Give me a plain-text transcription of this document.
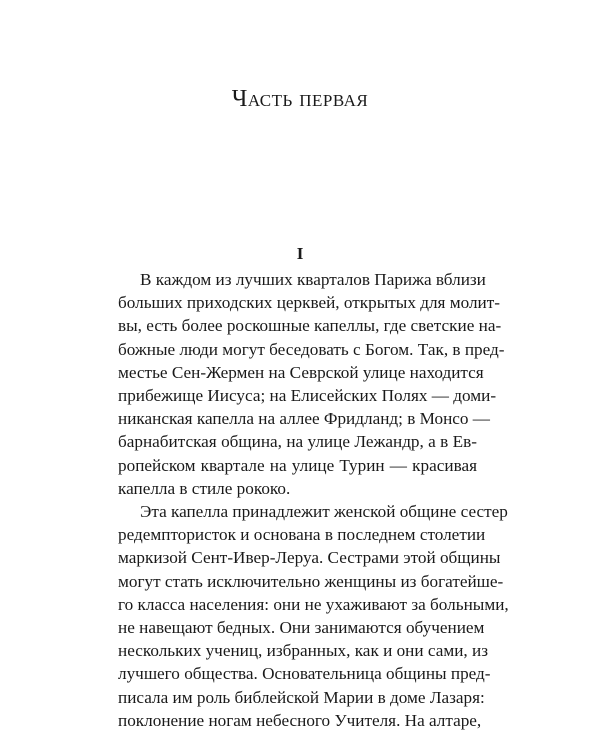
Часть первая
I

В каждом из лучших кварталов Парижа вблизи
больших приходских церквей, открытых для молит-
вы, есть более роскошные капеллы, где светские на-
божные люди могут беседовать с Богом. Так, в пред-
местье Сен-Жермен на Севрской улице находится
прибежище Иисуса; на Елисейских Полях — доми-
никанская капелла на аллее Фридланд; в Монсо —
барнабитская община, на улице Лежандр, а в Ев-
ропейском квартале на улице Турин — красивая
капелла в стиле рококо.

Эта капелла принадлежит женской общине сестер
редемптористок и основана в последнем столетии
маркизой Сент-Ивер-Леруа. Сестрами этой общины
могут стать исключительно женщины из богатейше-
го класса населения: они не ухаживают за больными,
не навещают бедных. Они занимаются обучением
нескольких учениц, избранных, как и они сами, из
лучшего общества. Основательница общины пред-
писала им роль библейской Марии в доме Лазаря:
поклонение ногам небесного Учителя. На алтаре,
